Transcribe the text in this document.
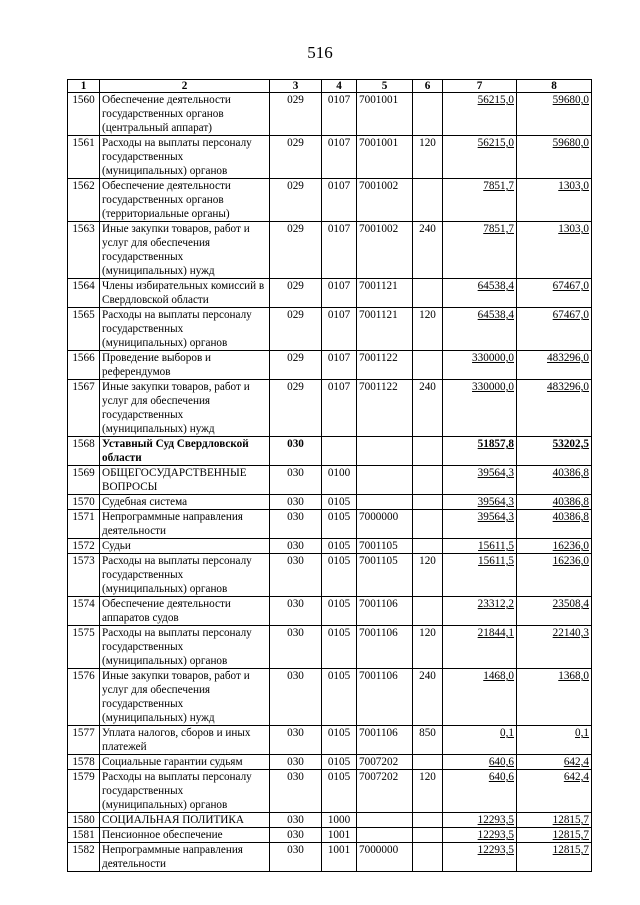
516
1	2	3	4	5	6	7	8
1560	Обеспечение деятельности
государственных органов
(центральный аппарат)	029	0107	7001001		56215,0	59680,0
1561	Расходы на выплаты персоналу
государственных
(муниципальных) органов	029	0107	7001001	120	56215,0	59680,0
1562	Обеспечение деятельности
государственных органов
(территориальные органы)	029	0107	7001002		7851,7	1303,0
1563	Иные закупки товаров, работ и
услуг для обеспечения
государственных
(муниципальных) нужд	029	0107	7001002	240	7851,7	1303,0
1564	Члены избирательных комиссий в
Свердловской области	029	0107	7001121		64538,4	67467,0
1565	Расходы на выплаты персоналу
государственных
(муниципальных) органов	029	0107	7001121	120	64538,4	67467,0
1566	Проведение выборов и
референдумов	029	0107	7001122		330000,0	483296,0
1567	Иные закупки товаров, работ и
услуг для обеспечения
государственных
(муниципальных) нужд	029	0107	7001122	240	330000,0	483296,0
1568	Уставный Суд Свердловской
области	030				51857,8	53202,5
1569	ОБЩЕГОСУДАРСТВЕННЫЕ
ВОПРОСЫ	030	0100			39564,3	40386,8
1570	Судебная система	030	0105			39564,3	40386,8
1571	Непрограммные направления
деятельности	030	0105	7000000		39564,3	40386,8
1572	Судьи	030	0105	7001105		15611,5	16236,0
1573	Расходы на выплаты персоналу
государственных
(муниципальных) органов	030	0105	7001105	120	15611,5	16236,0
1574	Обеспечение деятельности
аппаратов судов	030	0105	7001106		23312,2	23508,4
1575	Расходы на выплаты персоналу
государственных
(муниципальных) органов	030	0105	7001106	120	21844,1	22140,3
1576	Иные закупки товаров, работ и
услуг для обеспечения
государственных
(муниципальных) нужд	030	0105	7001106	240	1468,0	1368,0
1577	Уплата налогов, сборов и иных
платежей	030	0105	7001106	850	0,1	0,1
1578	Социальные гарантии судьям	030	0105	7007202		640,6	642,4
1579	Расходы на выплаты персоналу
государственных
(муниципальных) органов	030	0105	7007202	120	640,6	642,4
1580	СОЦИАЛЬНАЯ ПОЛИТИКА	030	1000			12293,5	12815,7
1581	Пенсионное обеспечение	030	1001			12293,5	12815,7
1582	Непрограммные направления
деятельности	030	1001	7000000		12293,5	12815,7
